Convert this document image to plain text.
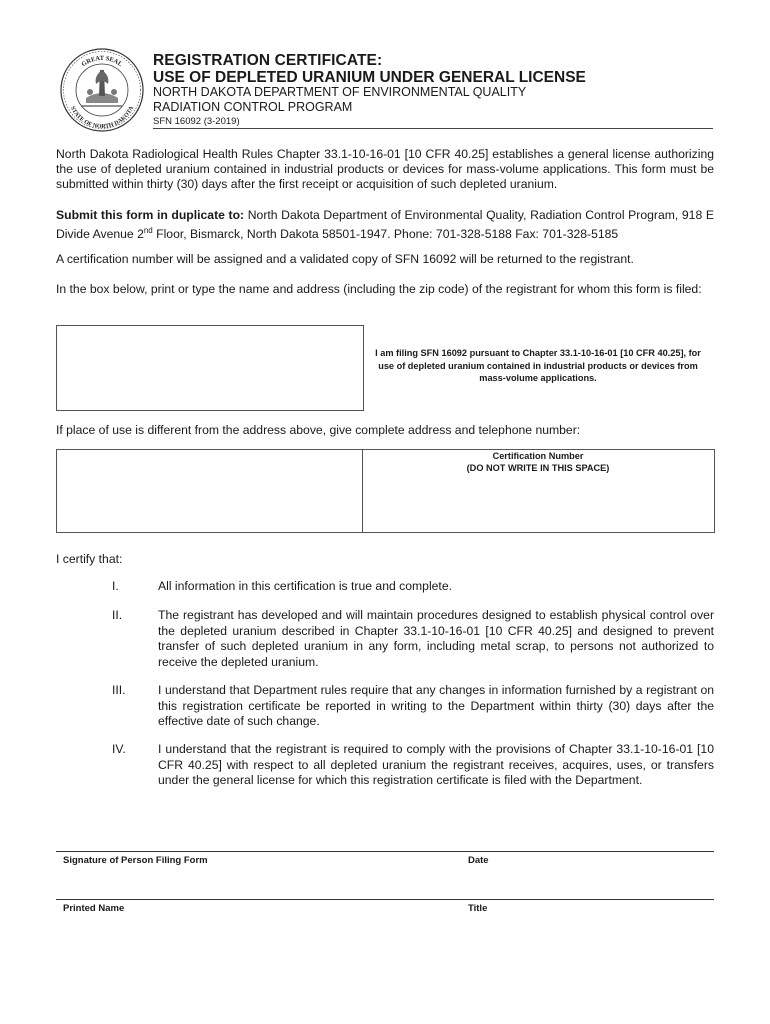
GREAT SEAL
STATE OF NORTH DAKOTA
REGISTRATION CERTIFICATE:
USE OF DEPLETED URANIUM UNDER GENERAL LICENSE
NORTH DAKOTA DEPARTMENT OF ENVIRONMENTAL QUALITY
RADIATION CONTROL PROGRAM
SFN 16092 (3-2019)
North Dakota Radiological Health Rules Chapter 33.1-10-16-01 [10 CFR 40.25] establishes a general license authorizing the use of depleted uranium contained in industrial products or devices for mass-volume applications. This form must be submitted within thirty (30) days after the first receipt or acquisition of such depleted uranium.
Submit this form in duplicate to: North Dakota Department of Environmental Quality, Radiation Control Program, 918 E Divide Avenue 2nd Floor, Bismarck, North Dakota 58501-1947. Phone: 701-328-5188 Fax: 701-328-5185
A certification number will be assigned and a validated copy of SFN 16092 will be returned to the registrant.
In the box below, print or type the name and address (including the zip code) of the registrant for whom this form is filed:
I am filing SFN 16092 pursuant to Chapter 33.1-10-16-01 [10 CFR 40.25], for use of depleted uranium contained in industrial products or devices from mass-volume applications.
If place of use is different from the address above, give complete address and telephone number:
Certification Number
(DO NOT WRITE IN THIS SPACE)
I certify that:
I.	All information in this certification is true and complete.
II.	The registrant has developed and will maintain procedures designed to establish physical control over the depleted uranium described in Chapter 33.1-10-16-01 [10 CFR 40.25] and designed to prevent transfer of such depleted uranium in any form, including metal scrap, to persons not authorized to receive the depleted uranium.
III.	I understand that Department rules require that any changes in information furnished by a registrant on this registration certificate be reported in writing to the Department within thirty (30) days after the effective date of such change.
IV.	I understand that the registrant is required to comply with the provisions of Chapter 33.1-10-16-01 [10 CFR 40.25] with respect to all depleted uranium the registrant receives, acquires, uses, or transfers under the general license for which this registration certificate is filed with the Department.
Signature of Person Filing Form	Date
Printed Name	Title
